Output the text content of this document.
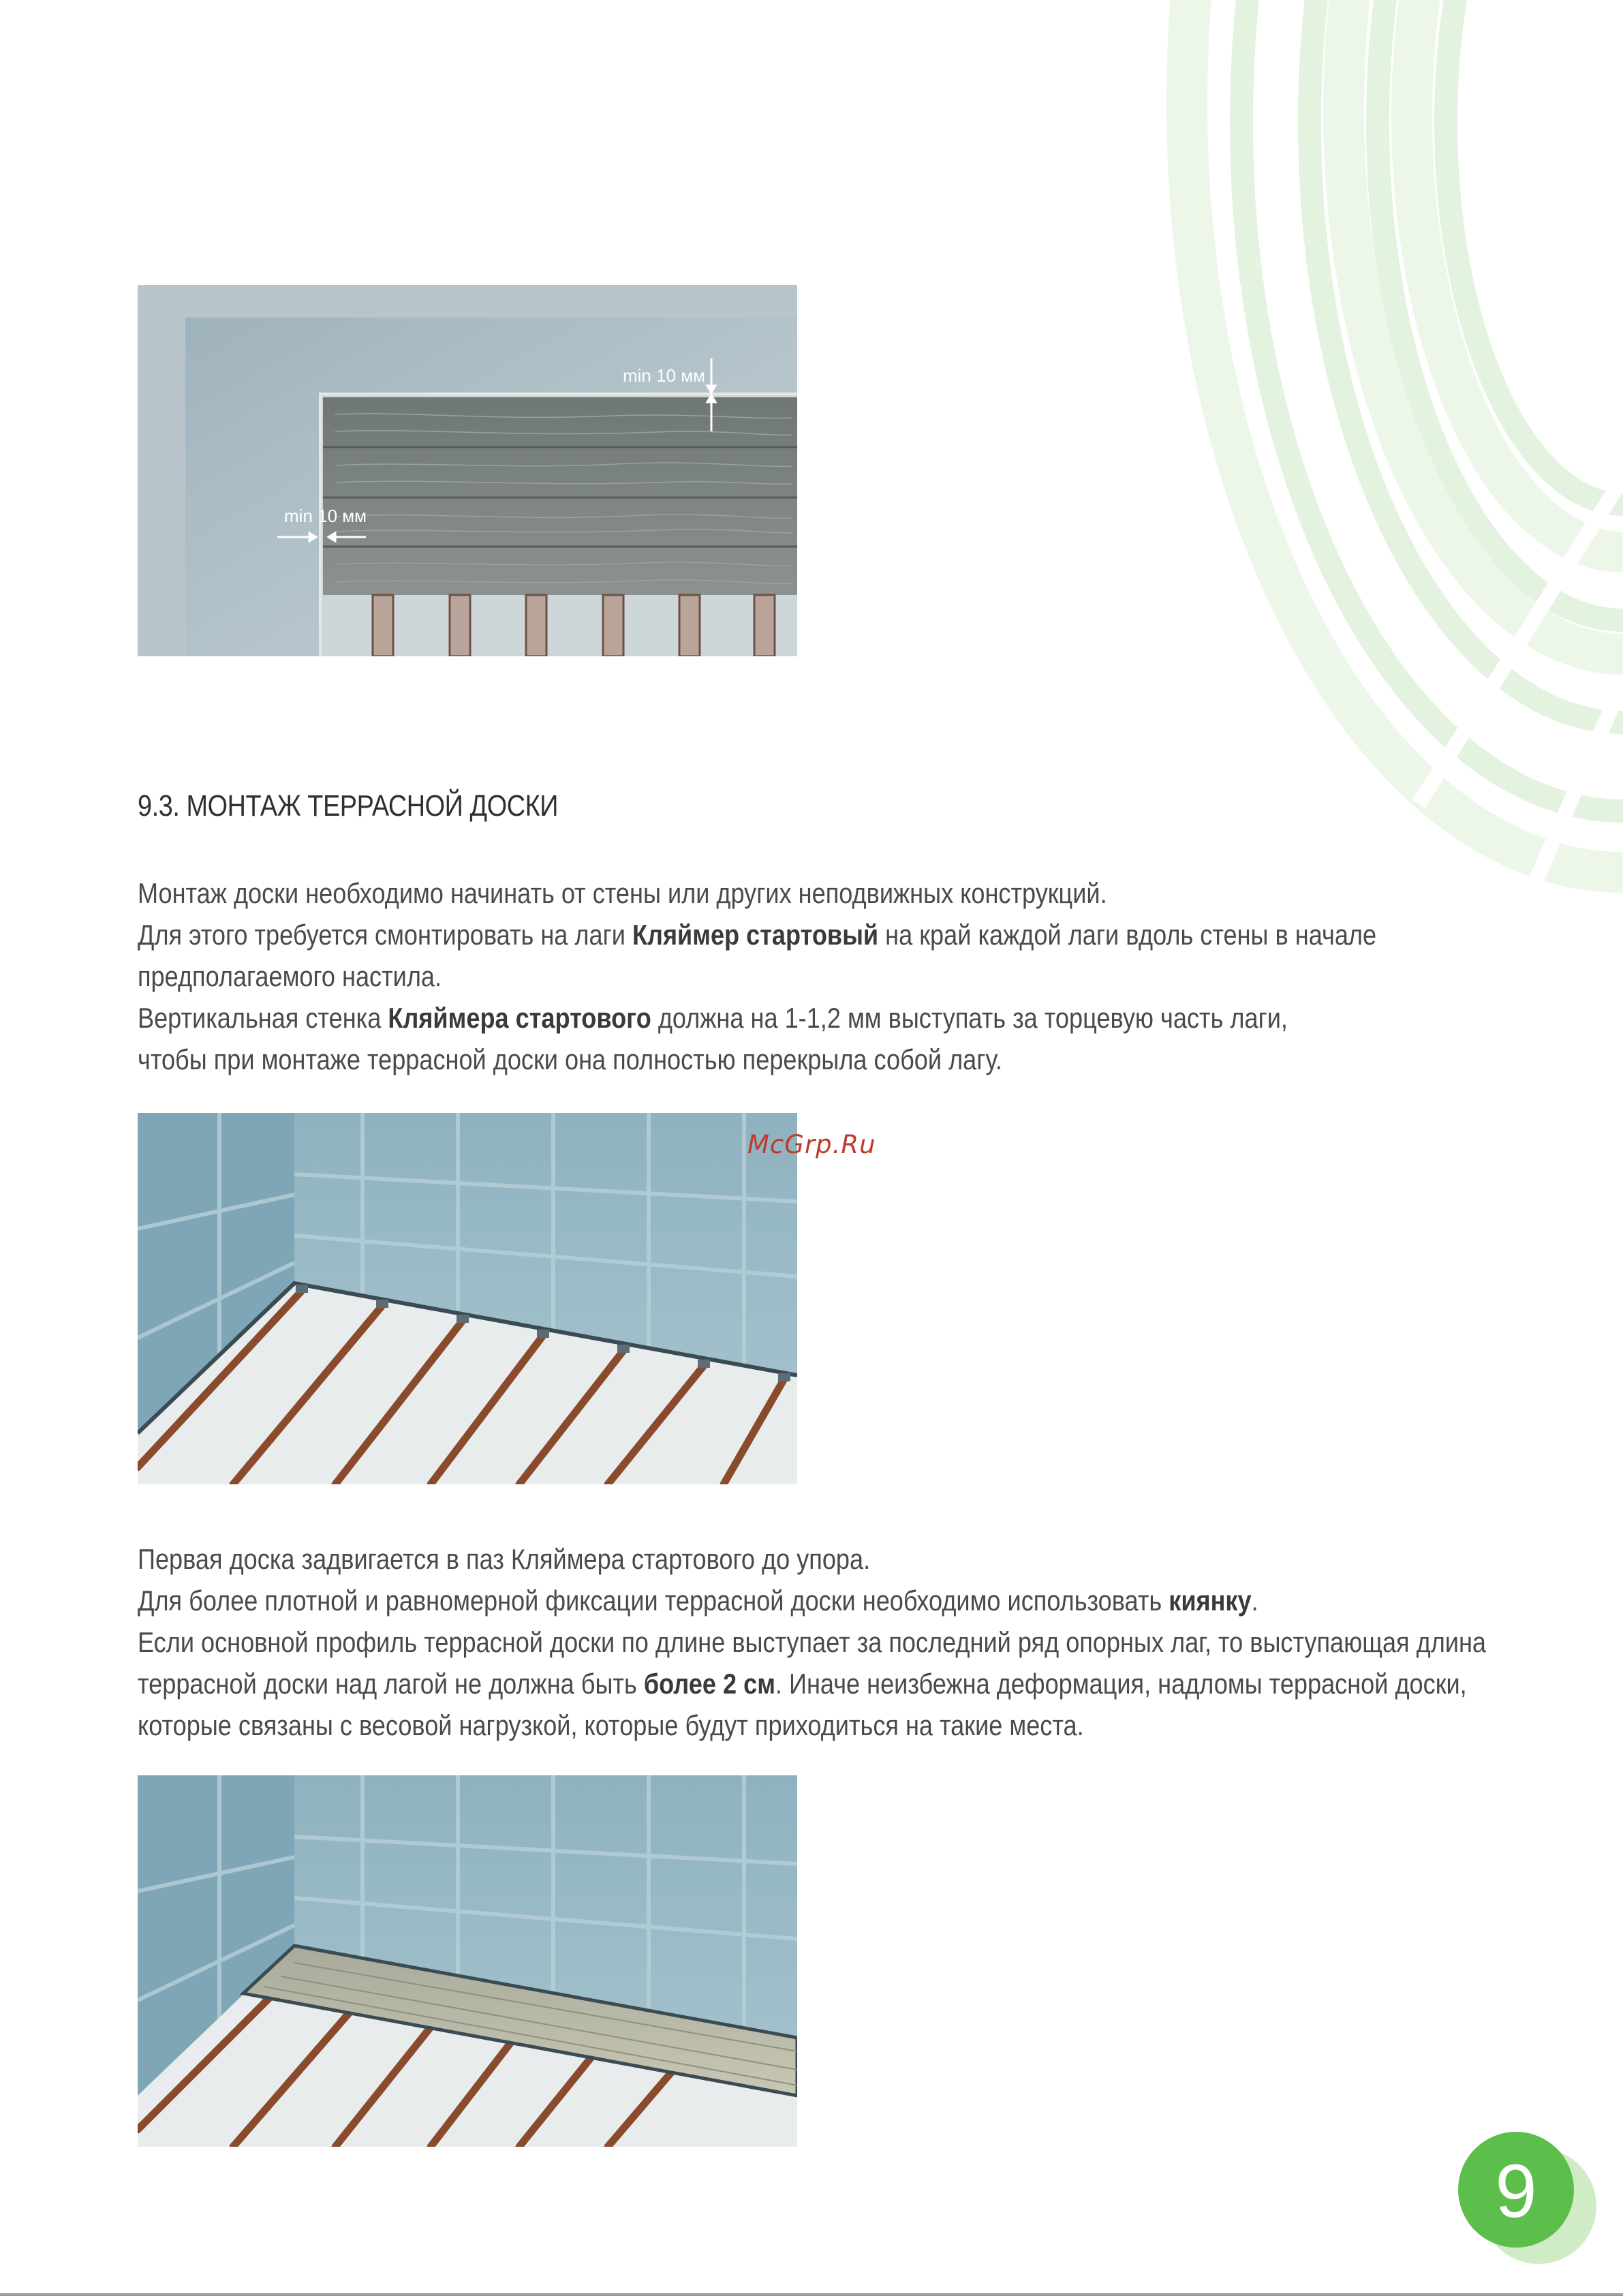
min 10 мм
min 10 мм
9.3. МОНТАЖ ТЕРРАСНОЙ ДОСКИ

Монтаж доски необходимо начинать от стены или других неподвижных конструкций.

Для этого требуется смонтировать на лаги Кляймер стартовый на край каждой лаги вдоль стены в начале

предполагаемого настила.

Вертикальная стенка Кляймера стартового должна на 1-1,2 мм выступать за торцевую часть лаги,

чтобы при монтаже террасной доски она полностью перекрыла собой лагу.

McGrp.Ru

Первая доска задвигается в паз Кляймера стартового до упора.

Для более плотной и равномерной фиксации террасной доски необходимо использовать киянку.

Если основной профиль террасной доски по длине выступает за последний ряд опорных лаг, то выступающая длина

террасной доски над лагой не должна быть более 2 см. Иначе неизбежна деформация, надломы террасной доски,

которые связаны с весовой нагрузкой, которые будут приходиться на такие места.

9
